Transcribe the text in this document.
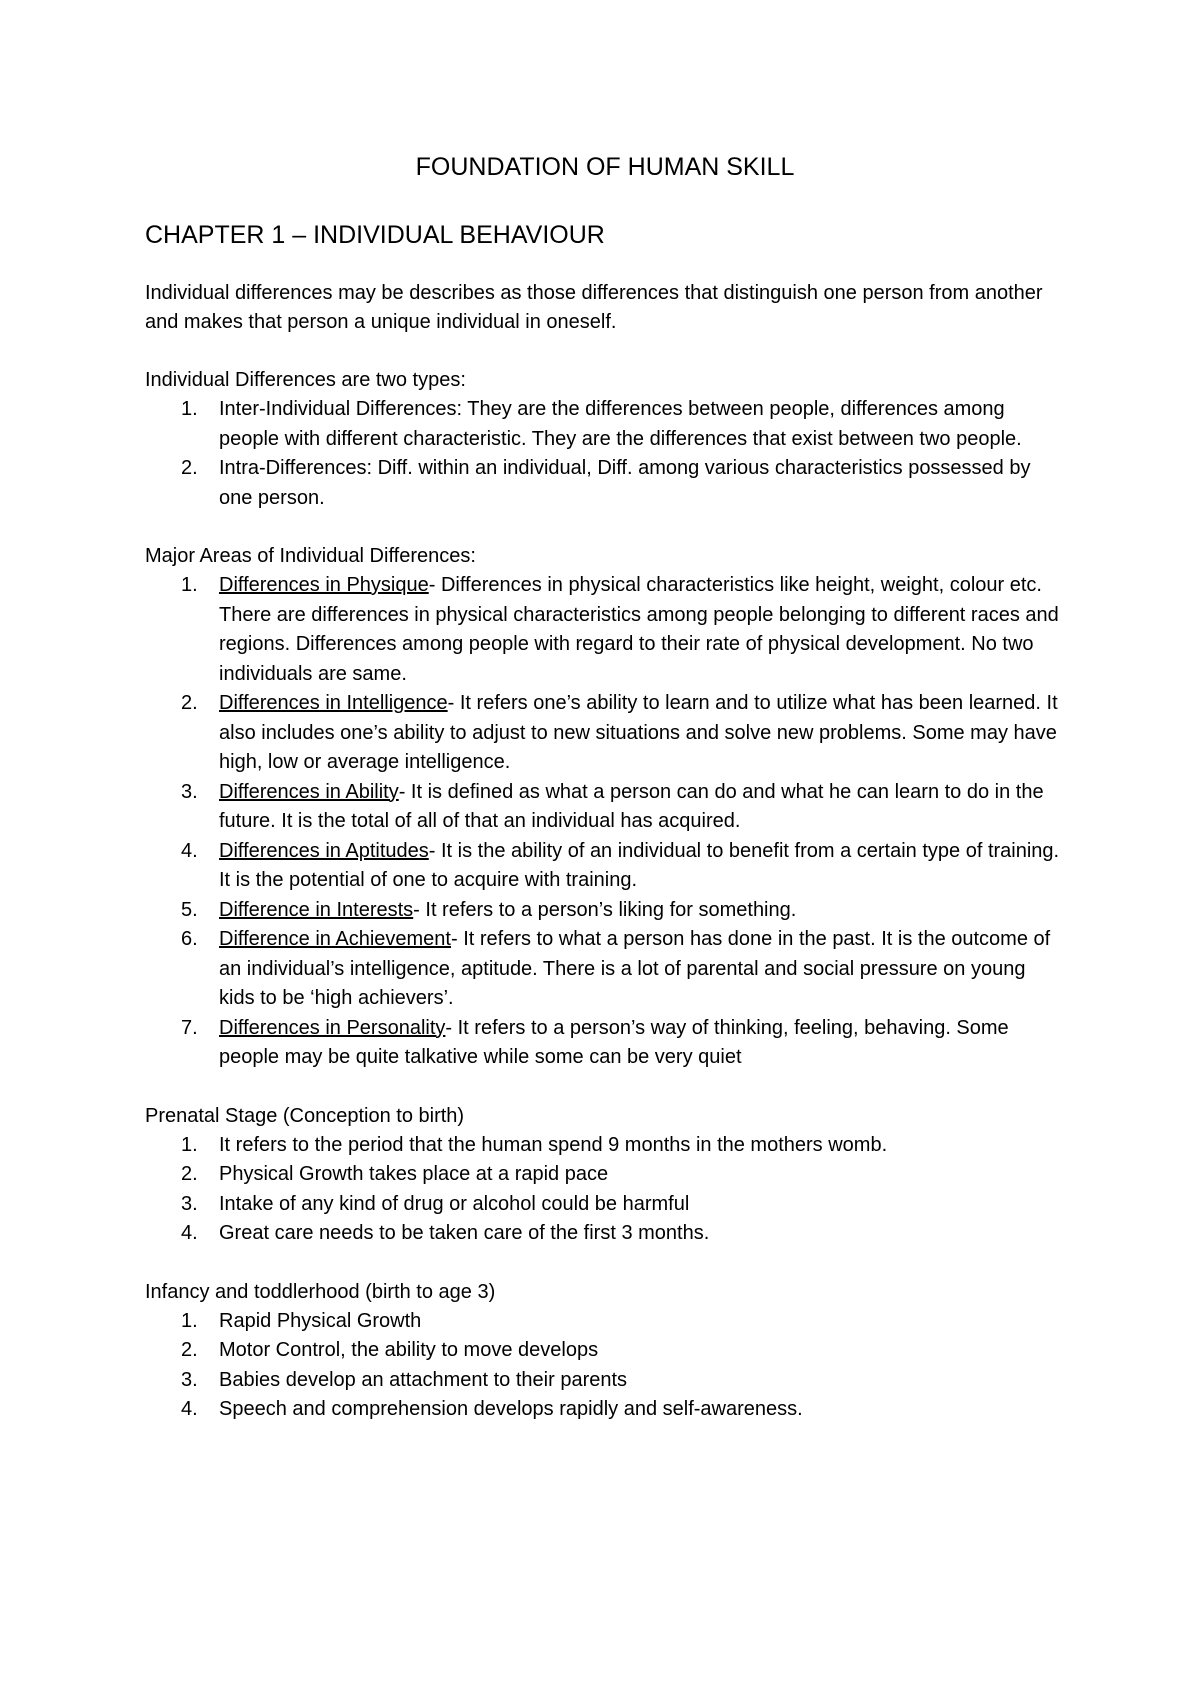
FOUNDATION OF HUMAN SKILL
CHAPTER 1 – INDIVIDUAL BEHAVIOUR

Individual differences may be describes as those differences that distinguish one person from another and makes that person a unique individual in oneself.

Individual Differences are two types:

1. Inter-Individual Differences: They are the differences between people, differences among people with different characteristic. They are the differences that exist between two people.
2. Intra-Differences: Diff. within an individual, Diff. among various characteristics possessed by one person.

Major Areas of Individual Differences:

1. Differences in Physique- Differences in physical characteristics like height, weight, colour etc. There are differences in physical characteristics among people belonging to different races and regions. Differences among people with regard to their rate of physical development. No two individuals are same.
2. Differences in Intelligence- It refers one’s ability to learn and to utilize what has been learned. It also includes one’s ability to adjust to new situations and solve new problems. Some may have high, low or average intelligence.
3. Differences in Ability- It is defined as what a person can do and what he can learn to do in the future. It is the total of all of that an individual has acquired.
4. Differences in Aptitudes- It is the ability of an individual to benefit from a certain type of training. It is the potential of one to acquire with training.
5. Difference in Interests- It refers to a person’s liking for something.
6. Difference in Achievement- It refers to what a person has done in the past. It is the outcome of an individual’s intelligence, aptitude. There is a lot of parental and social pressure on young kids to be ‘high achievers’.
7. Differences in Personality- It refers to a person’s way of thinking, feeling, behaving. Some people may be quite talkative while some can be very quiet

Prenatal Stage (Conception to birth)

1. It refers to the period that the human spend 9 months in the mothers womb.
2. Physical Growth takes place at a rapid pace
3. Intake of any kind of drug or alcohol could be harmful
4. Great care needs to be taken care of the first 3 months.

Infancy and toddlerhood (birth to age 3)

1. Rapid Physical Growth
2. Motor Control, the ability to move develops
3. Babies develop an attachment to their parents
4. Speech and comprehension develops rapidly and self-awareness.
